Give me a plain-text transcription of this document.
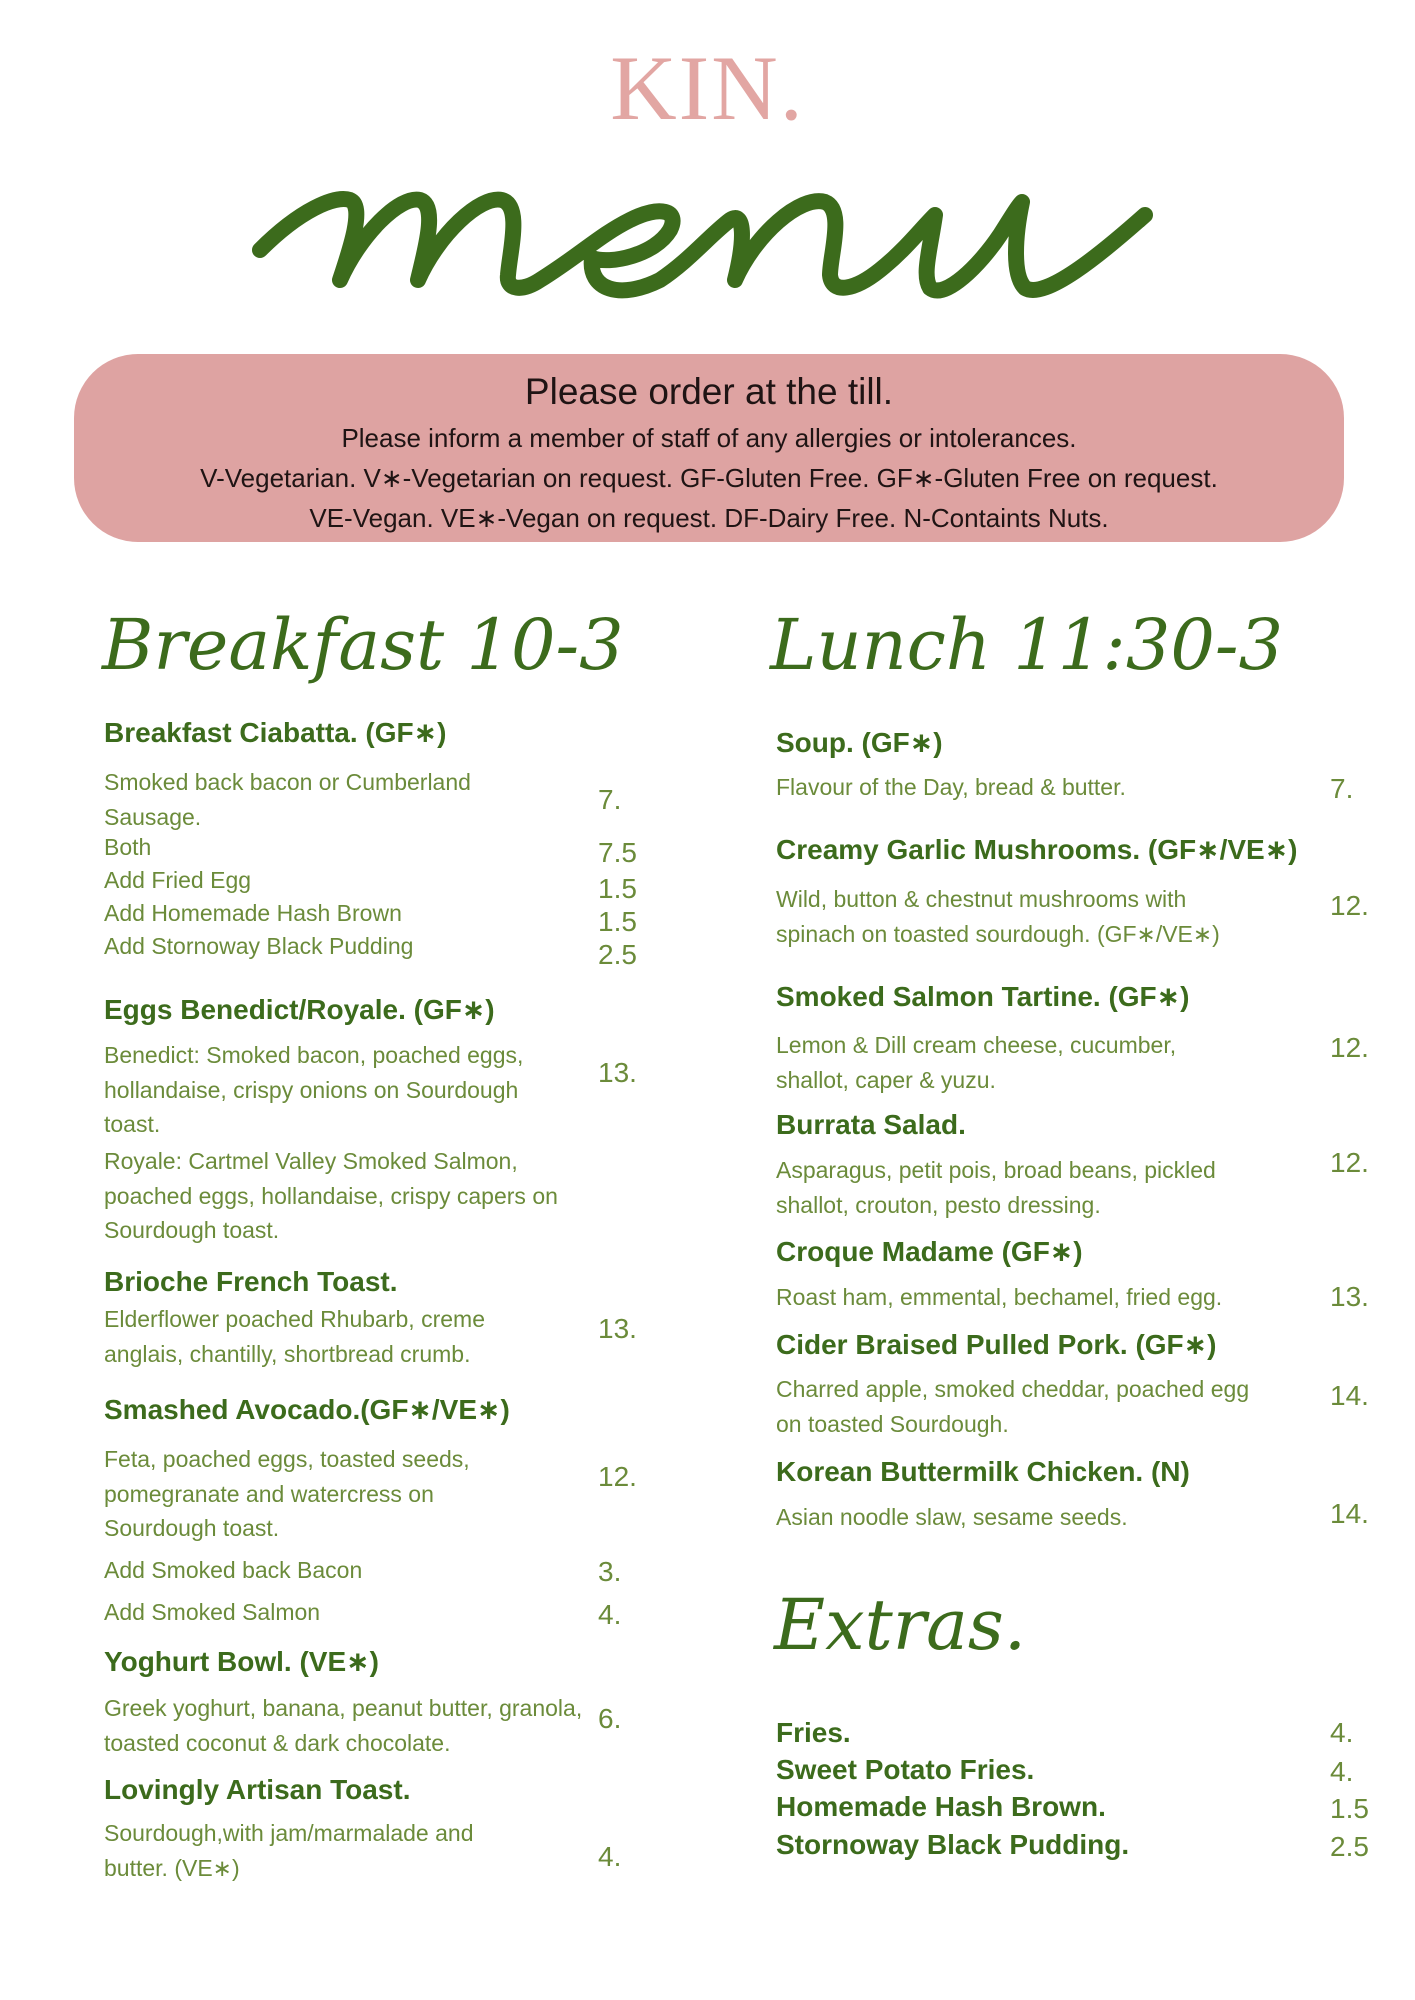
KIN.
Please order at the till.
Please inform a member of staff of any allergies or intolerances.
V-Vegetarian. V∗-Vegetarian on request. GF-Gluten Free. GF∗-Gluten Free on request.
VE-Vegan. VE∗-Vegan on request. DF-Dairy Free. N-Containts Nuts.
Breakfast 10-3
Breakfast Ciabatta. (GF∗)
Smoked back bacon or Cumberland Sausage.
7.
Both	7.5
Add Fried Egg	1.5
Add Homemade Hash Brown	1.5
Add Stornoway Black Pudding	2.5
Eggs Benedict/Royale. (GF∗)
Benedict: Smoked bacon, poached eggs, hollandaise, crispy onions on Sourdough toast.
Royale: Cartmel Valley Smoked Salmon, poached eggs, hollandaise, crispy capers on Sourdough toast.
13.
Brioche French Toast.
Elderflower poached Rhubarb, creme anglais, chantilly, shortbread crumb.
13.
Smashed Avocado.(GF∗/VE∗)
Feta, poached eggs, toasted seeds, pomegranate and watercress on Sourdough toast.
12.
Add Smoked back Bacon	3.
Add Smoked Salmon	4.
Yoghurt Bowl. (VE∗)
Greek yoghurt, banana, peanut butter, granola, toasted coconut & dark chocolate.
6.
Lovingly Artisan Toast.
Sourdough,with jam/marmalade and butter. (VE∗)	4.
Lunch 11:30-3
Soup. (GF∗)
Flavour of the Day, bread & butter.	7.
Creamy Garlic Mushrooms. (GF∗/VE∗)
Wild, button & chestnut mushrooms with spinach on toasted sourdough. (GF∗/VE∗)
12.
Smoked Salmon Tartine. (GF∗)
Lemon & Dill cream cheese, cucumber, shallot, caper & yuzu.
12.
Burrata Salad.
Asparagus, petit pois, broad beans, pickled shallot, crouton, pesto dressing.
12.
Croque Madame (GF∗)
Roast ham, emmental, bechamel, fried egg.	13.
Cider Braised Pulled Pork. (GF∗)
Charred apple, smoked cheddar, poached egg on toasted Sourdough.
14.
Korean Buttermilk Chicken. (N)
Asian noodle slaw, sesame seeds.	14.
Extras.
Fries.	4.
Sweet Potato Fries.	4.
Homemade Hash Brown.	1.5
Stornoway Black Pudding.	2.5
